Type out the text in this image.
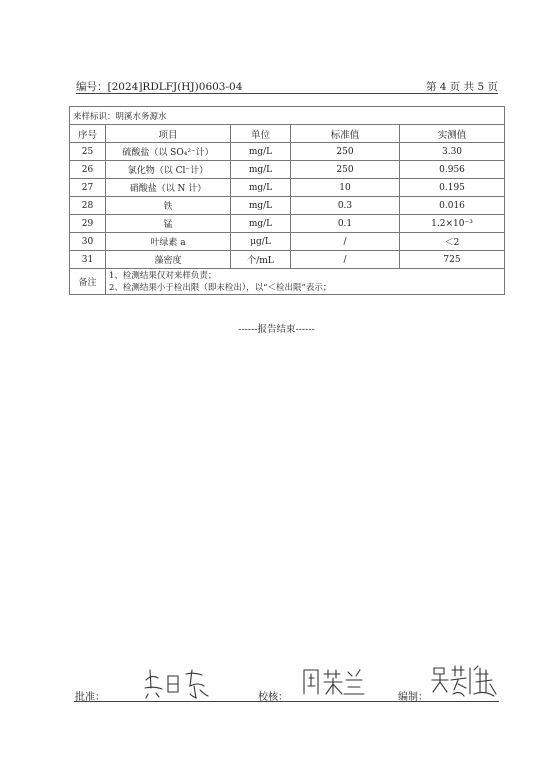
编号：[2024]RDLFJ(HJ)0603-04	第 4 页 共 5 页
来样标识：明溪水务源水				
序号	项目	单位	标准值	实测值
25	硫酸盐（以 SO₄²⁻计）	mg/L	250	3.30
26	氯化物（以 Cl⁻计）	mg/L	250	0.956
27	硝酸盐（以 N 计）	mg/L	10	0.195
28	铁	mg/L	0.3	0.016
29	锰	mg/L	0.1	1.2×10⁻³
30	叶绿素 a	μg/L	/	＜2
31	藻密度	个/mL	/	725
备注	1、检测结果仅对来样负责；
2、检测结果小于检出限（即未检出），以“＜检出限”表示；			
------报告结束------
批准：	校核：	编制：
